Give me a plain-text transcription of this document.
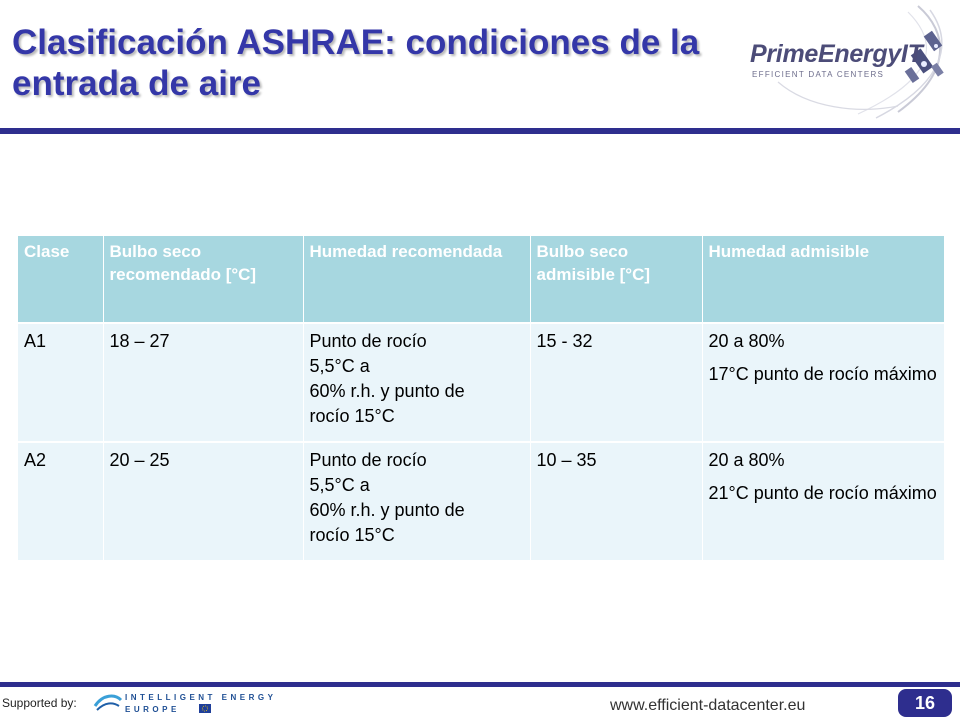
Clasificación ASHRAE: condiciones de la
entrada de aire
PrimeEnergyIT
EFFICIENT DATA CENTERS
Clase	Bulbo seco recomendado [°C]	Humedad recomendada	Bulbo seco admisible [°C]	Humedad admisible
A1	18 – 27	Punto de rocío
5,5°C a
60% r.h. y punto de
rocío 15°C	15 - 32	20 a 80%
17°C punto de rocío máximo

A2	20 – 25	Punto de rocío
5,5°C a
60% r.h. y punto de
rocío 15°C	10 – 35	20 a 80%
21°C punto de rocío máximo
Supported by:	INTELLIGENT ENERGY
EUROPE	www.efficient-datacenter.eu	16
